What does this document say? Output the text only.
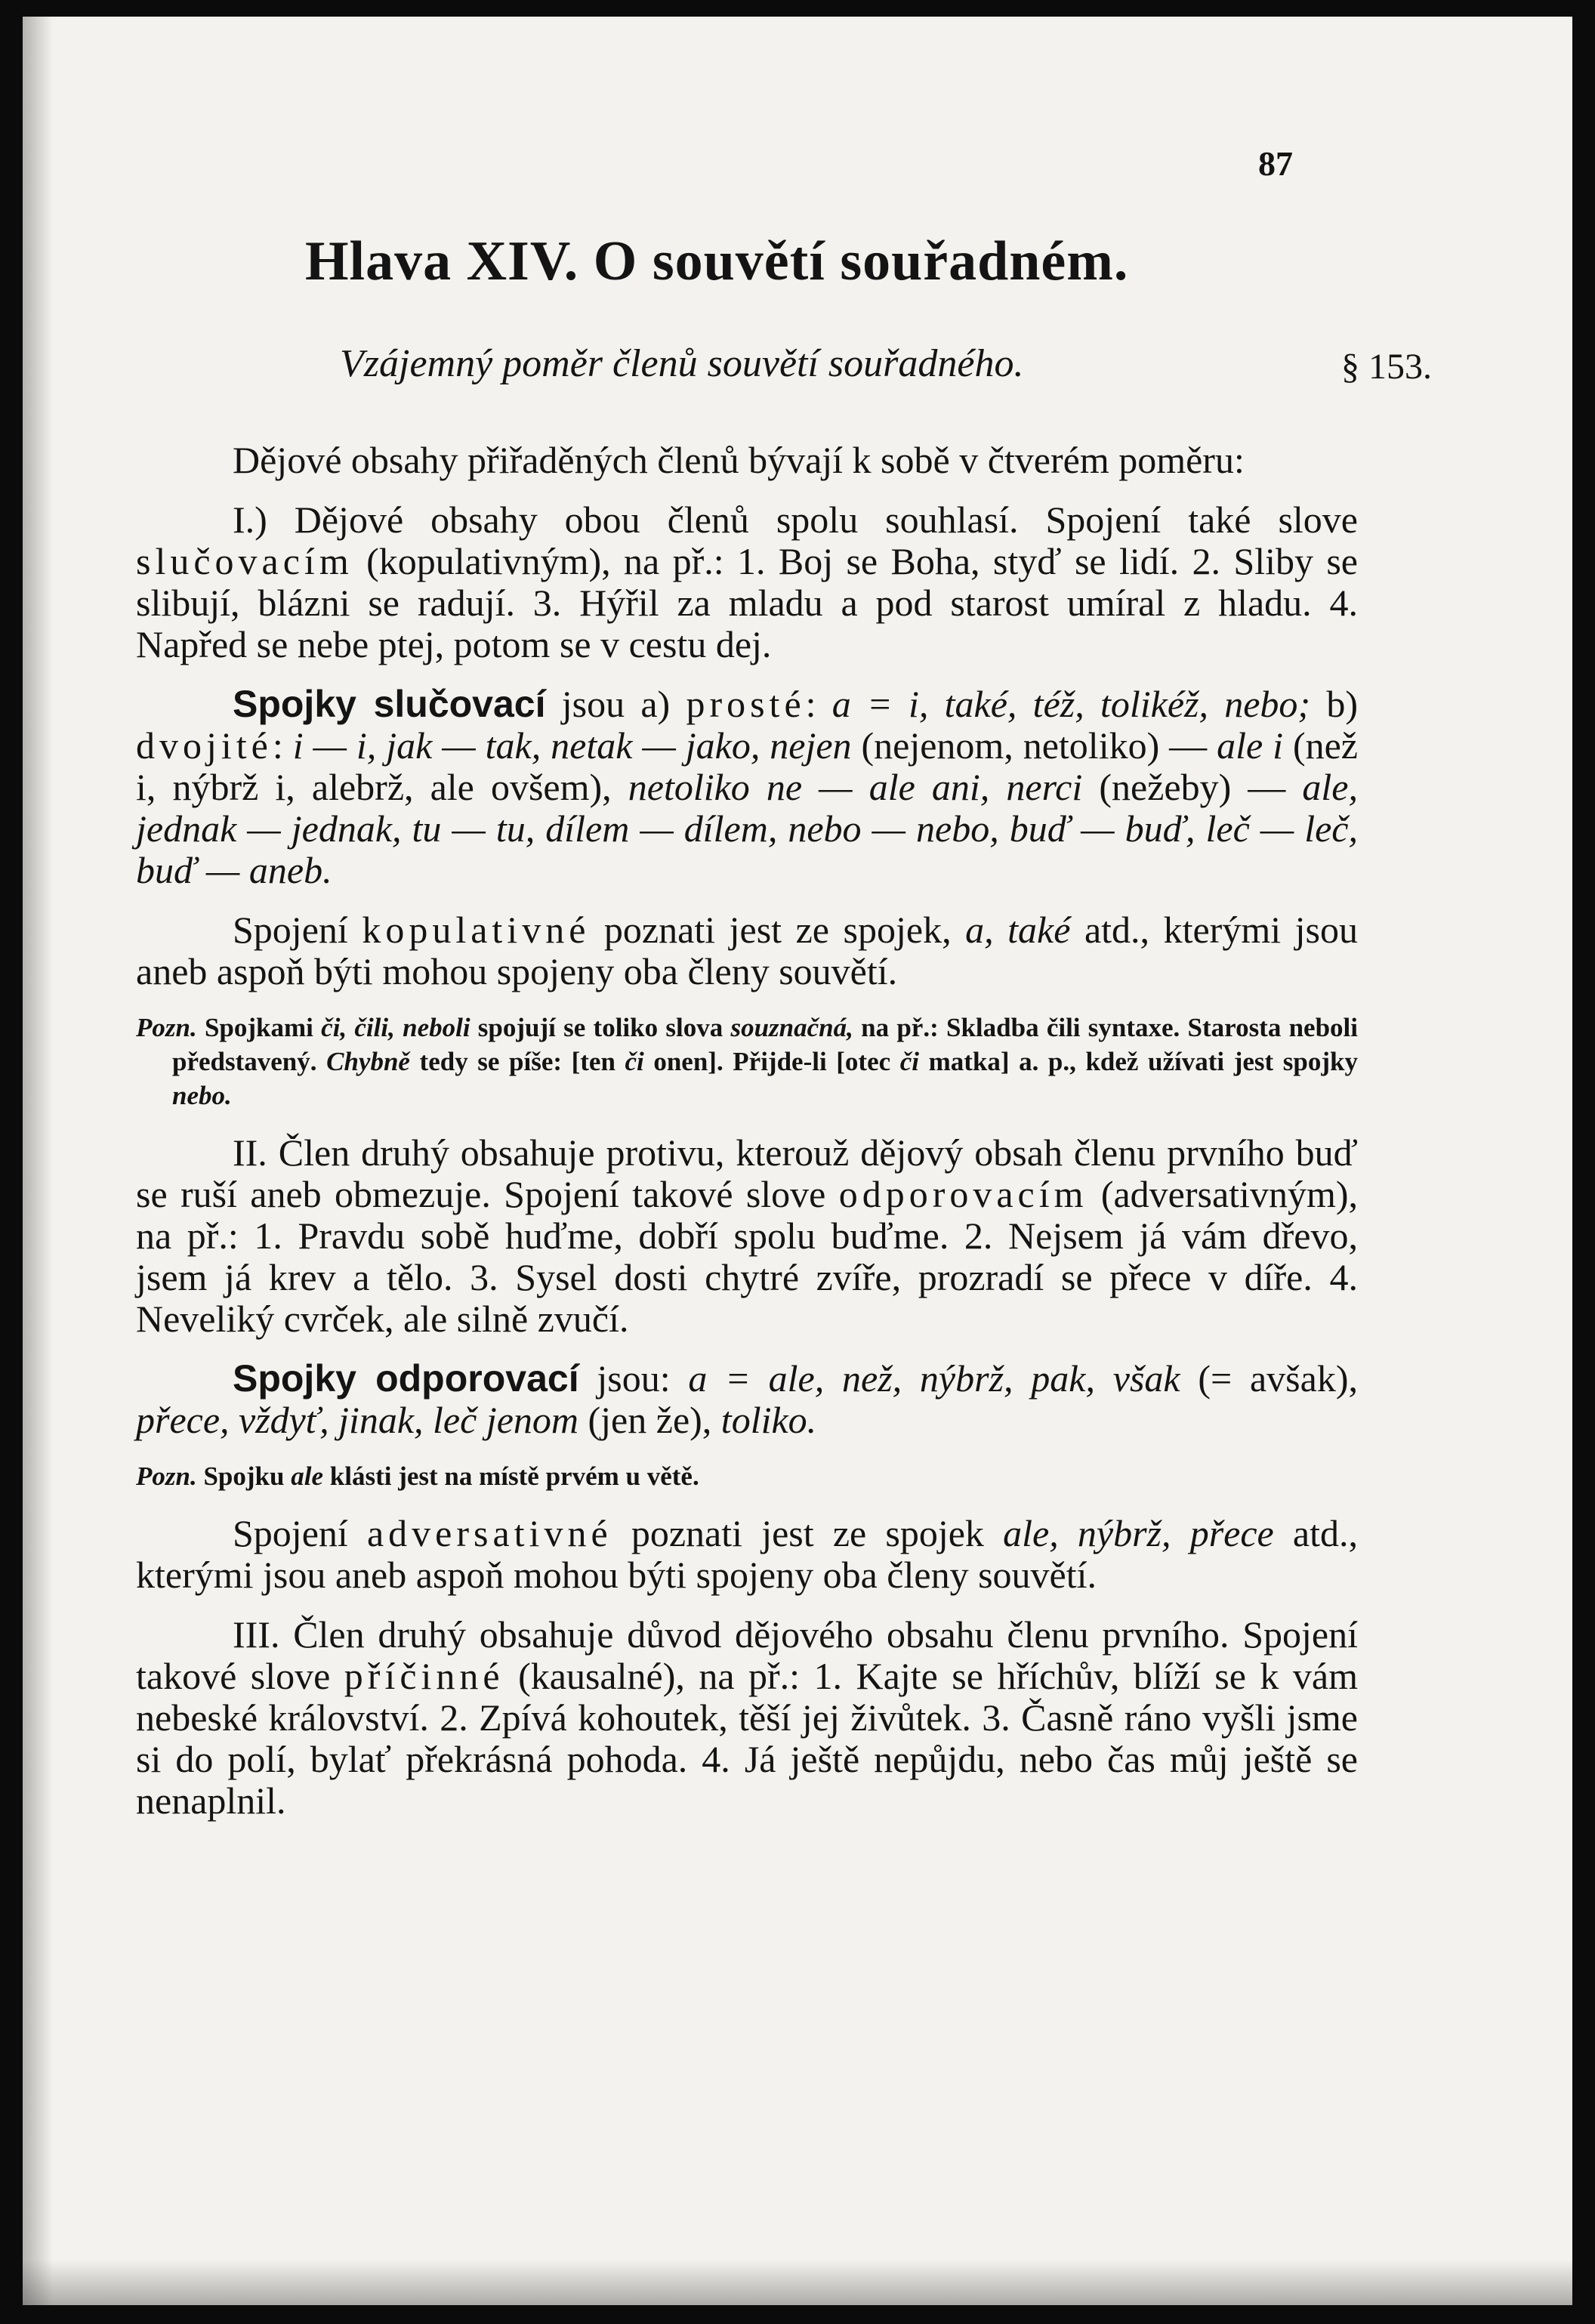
87
Hlava XIV. O souvětí souřadném.
Vzájemný poměr členů souvětí souřadného.	§ 153.

Dějové obsahy přiřaděných členů bývají k sobě v čtverém poměru:

I.) Dějové obsahy obou členů spolu souhlasí. Spojení také slove slučovacím (kopulativným), na př.: 1. Boj se Boha, styď se lidí. 2. Sliby se slibují, blázni se radují. 3. Hýřil za mladu a pod starost umíral z hladu. 4. Napřed se nebe ptej, potom se v cestu dej.

Spojky slučovací jsou a) prosté: a = i, také, též, tolikéž, nebo; b) dvojité: i — i, jak — tak, netak — jako, nejen (nejenom, netoliko) — ale i (než i, nýbrž i, alebrž, ale ovšem), netoliko ne — ale ani, nerci (nežeby) — ale, jednak — jednak, tu — tu, dílem — dílem, nebo — nebo, buď — buď, leč — leč, buď — aneb.

Spojení kopulativné poznati jest ze spojek, a, také atd., kterými jsou aneb aspoň býti mohou spojeny oba členy souvětí.

Pozn. Spojkami či, čili, neboli spojují se toliko slova souznačná, na př.: Skladba čili syntaxe. Starosta neboli představený. Chybně tedy se píše: [ten či onen]. Přijde-li [otec či matka] a. p., kdež užívati jest spojky nebo.

II. Člen druhý obsahuje protivu, kterouž dějový obsah členu prvního buď se ruší aneb obmezuje. Spojení takové slove odporovacím (adversativným), na př.: 1. Pravdu sobě huďme, dobří spolu buďme. 2. Nejsem já vám dřevo, jsem já krev a tělo. 3. Sysel dosti chytré zvíře, prozradí se přece v díře. 4. Neveliký cvrček, ale silně zvučí.

Spojky odporovací jsou: a = ale, než, nýbrž, pak, však (= avšak), přece, vždyť, jinak, leč jenom (jen že), toliko.

Pozn. Spojku ale klásti jest na místě prvém u větě.

Spojení adversativné poznati jest ze spojek ale, nýbrž, přece atd., kterými jsou aneb aspoň mohou býti spojeny oba členy souvětí.

III. Člen druhý obsahuje důvod dějového obsahu členu prvního. Spojení takové slove příčinné (kausalné), na př.: 1. Kajte se hříchův, blíží se k vám nebeské království. 2. Zpívá kohoutek, těší jej živůtek. 3. Časně ráno vyšli jsme si do polí, bylať překrásná pohoda. 4. Já ještě nepůjdu, nebo čas můj ještě se nenaplnil.
